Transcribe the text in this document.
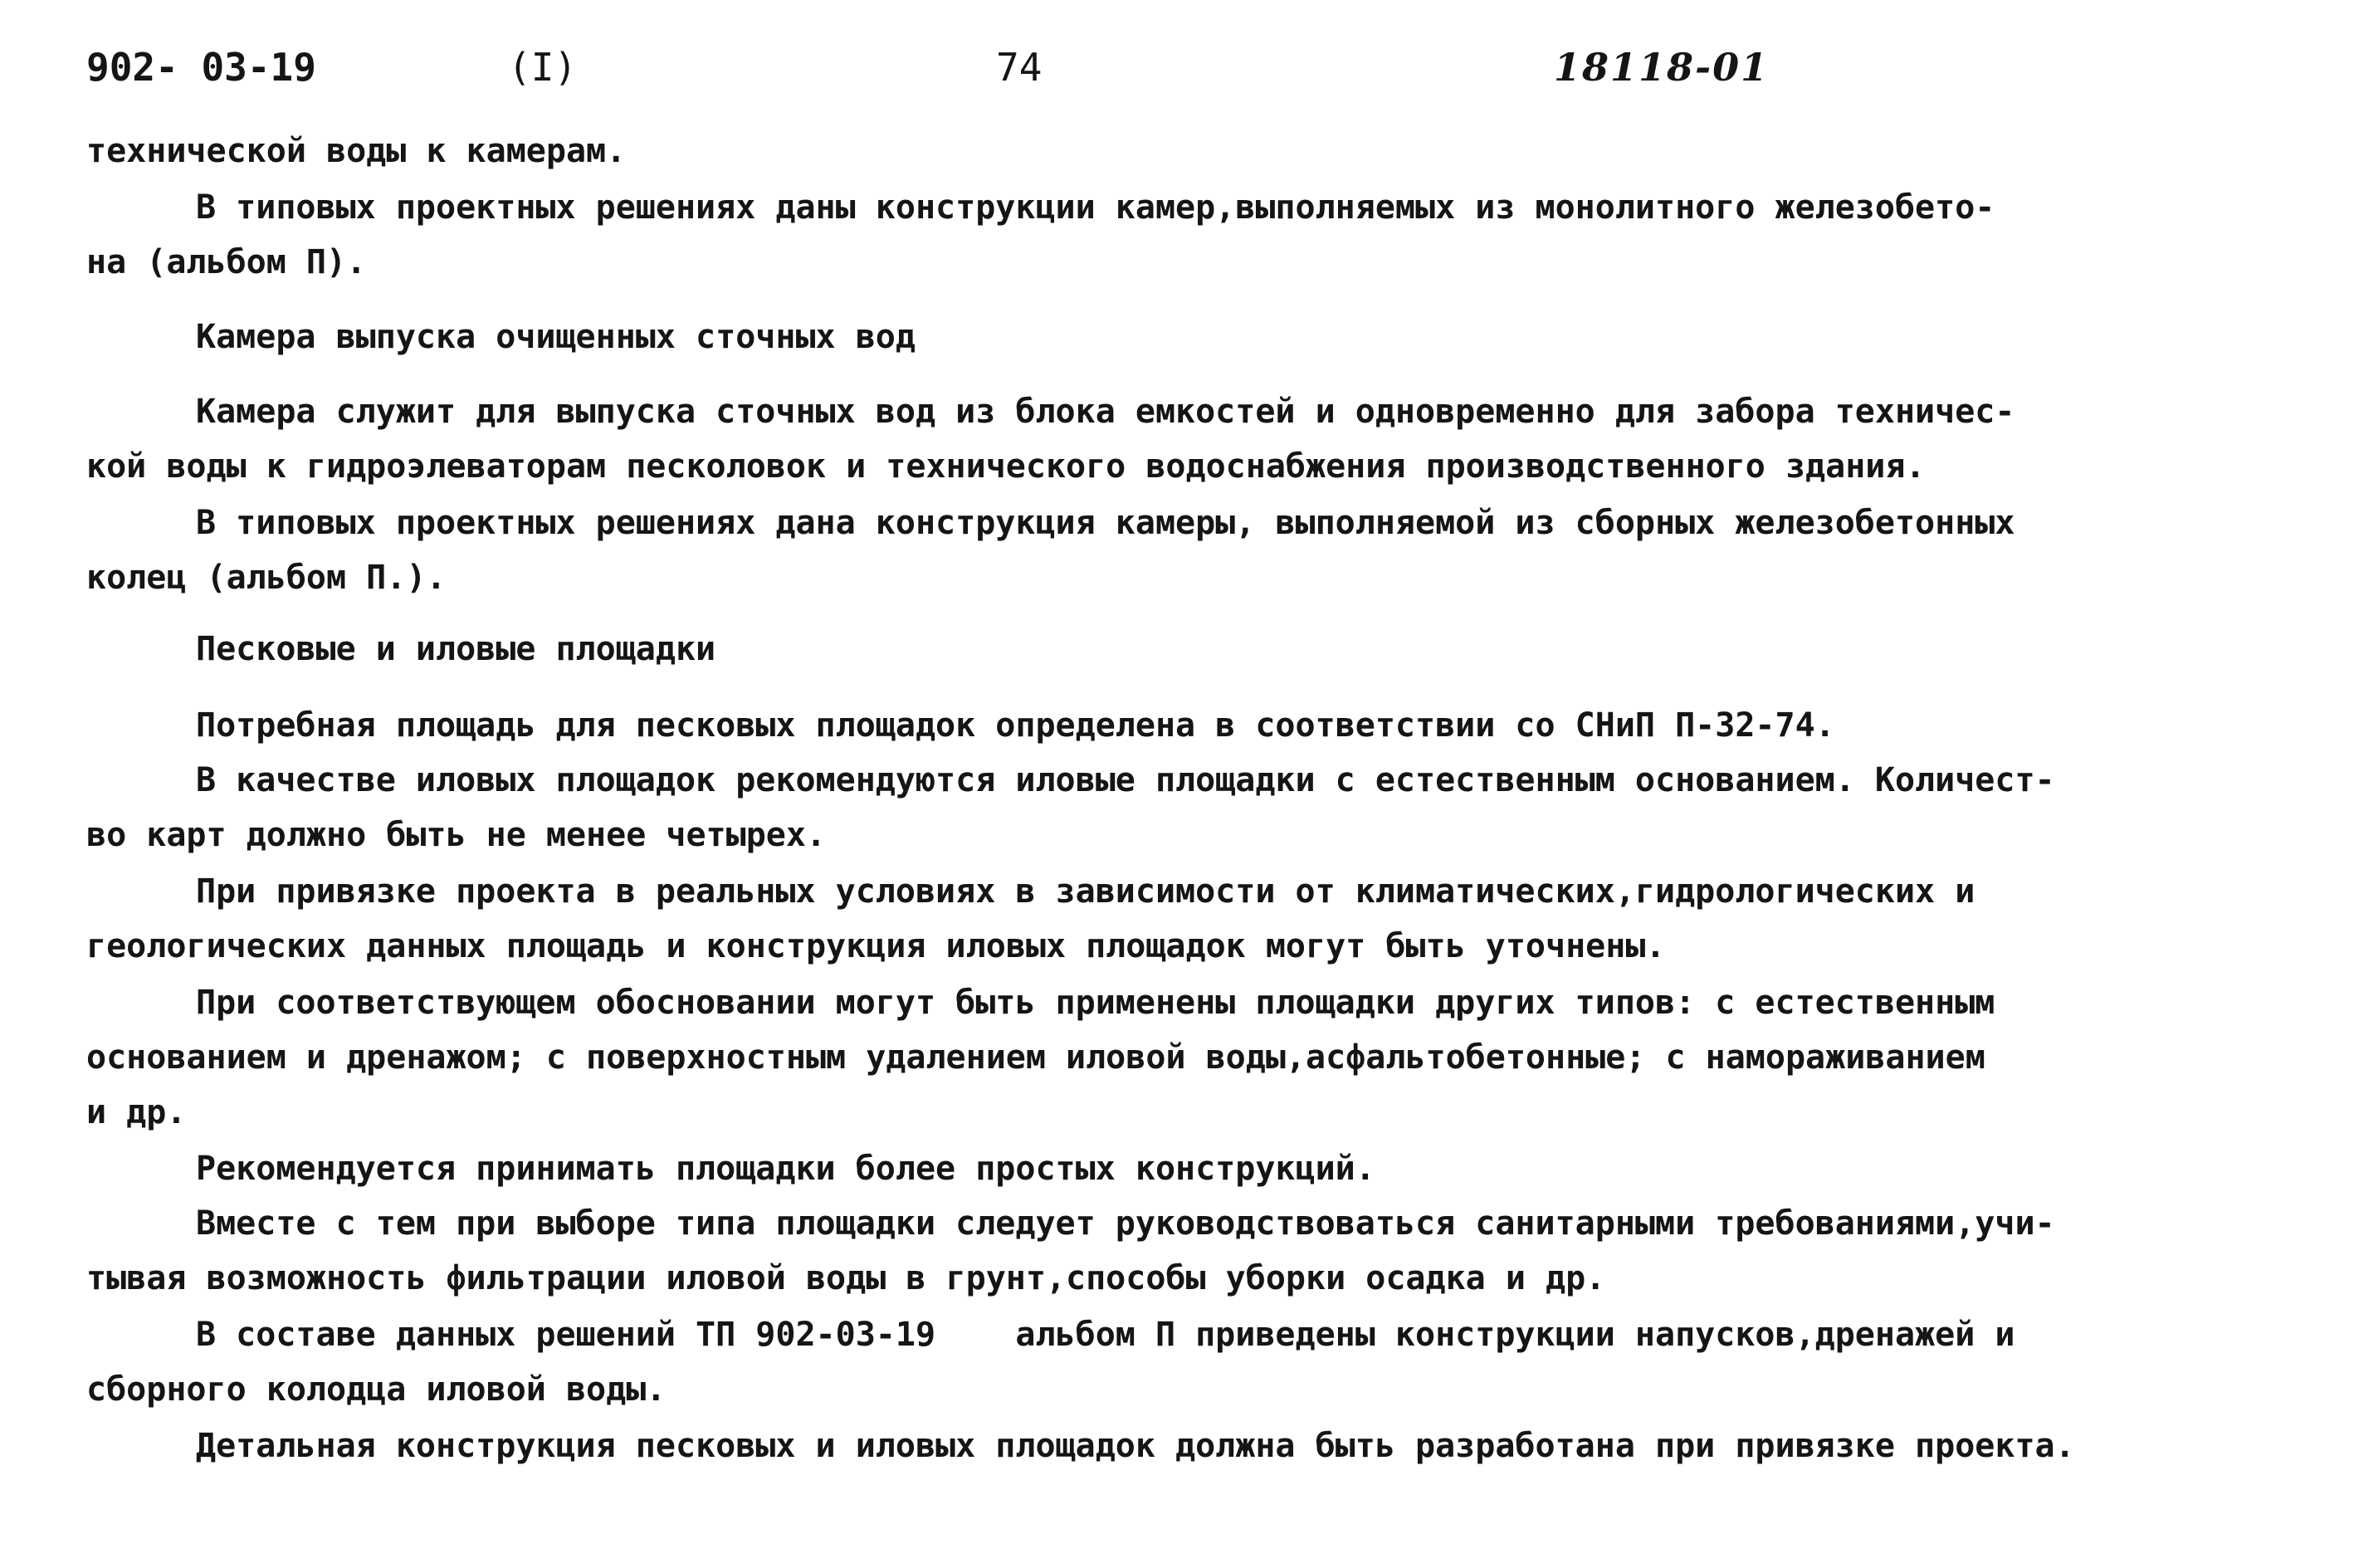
902- 03-19	(I)	74	18118-01
технической воды к камерам.
В типовых проектных решениях даны конструкции камер,выполняемых из монолитного железобето-
на (альбом П).
Камера выпуска очищенных сточных вод
Камера служит для выпуска сточных вод из блока емкостей и одновременно для забора техничес-
кой воды к гидроэлеваторам песколовок и технического водоснабжения производственного здания.
В типовых проектных решениях дана конструкция камеры, выполняемой из сборных железобетонных
колец (альбом П.).
Песковые и иловые площадки
Потребная площадь для песковых площадок определена в соответствии со СНиП П-32-74.
В качестве иловых площадок рекомендуются иловые площадки с естественным основанием. Количест-
во карт должно быть не менее четырех.
При привязке проекта в реальных условиях в зависимости от климатических,гидрологических и
геологических данных площадь и конструкция иловых площадок могут быть уточнены.
При соответствующем обосновании могут быть применены площадки других типов: с естественным
основанием и дренажом; с поверхностным удалением иловой воды,асфальтобетонные; с намораживанием
и др.
Рекомендуется принимать площадки более простых конструкций.
Вместе с тем при выборе типа площадки следует руководствоваться санитарными требованиями,учи-
тывая возможность фильтрации иловой воды в грунт,способы уборки осадка и др.
В составе данных решений ТП 902-03-19    альбом П приведены конструкции напусков,дренажей и
сборного колодца иловой воды.
Детальная конструкция песковых и иловых площадок должна быть разработана при привязке проекта.
